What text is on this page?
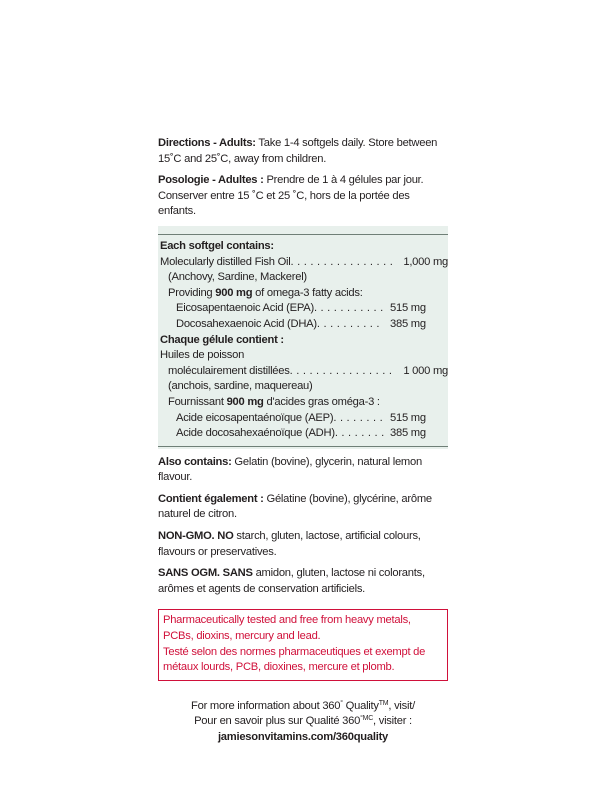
Directions - Adults: Take 1-4 softgels daily. Store between 15˚C and 25˚C, away from children.

Posologie - Adultes : Prendre de 1 à 4 gélules par jour. Conserver entre 15 ˚C et 25 ˚C, hors de la portée des enfants.

Each softgel contains:
Molecularly distilled Fish Oil . . .	1,000 mg
(Anchovy, Sardine, Mackerel)
Providing 900 mg of omega-3 fatty acids:
Eicosapentaenoic Acid (EPA) . . .	515 mg
Docosahexaenoic Acid (DHA) . . .	385 mg
Chaque gélule contient :
Huiles de poisson
moléculairement distillées . . .	1 000 mg
(anchois, sardine, maquereau)
Fournissant 900 mg d'acides gras oméga-3 :
Acide eicosapentaénoïque (AEP) . . .	515 mg
Acide docosahexaénoïque (ADH) . . .	385 mg

Also contains: Gelatin (bovine), glycerin, natural lemon flavour.

Contient également : Gélatine (bovine), glycérine, arôme naturel de citron.

NON-GMO. NO starch, gluten, lactose, artificial colours, flavours or preservatives.

SANS OGM. SANS amidon, gluten, lactose ni colorants, arômes et agents de conservation artificiels.

Pharmaceutically tested and free from heavy metals, PCBs, dioxins, mercury and lead.
Testé selon des normes pharmaceutiques et exempt de métaux lourds, PCB, dioxines, mercure et plomb.
For more information about 360° Quality™, visit/
Pour en savoir plus sur Qualité $360^{^\circ MC}$, visiter :
jamiesonvitamins.com/360quality
